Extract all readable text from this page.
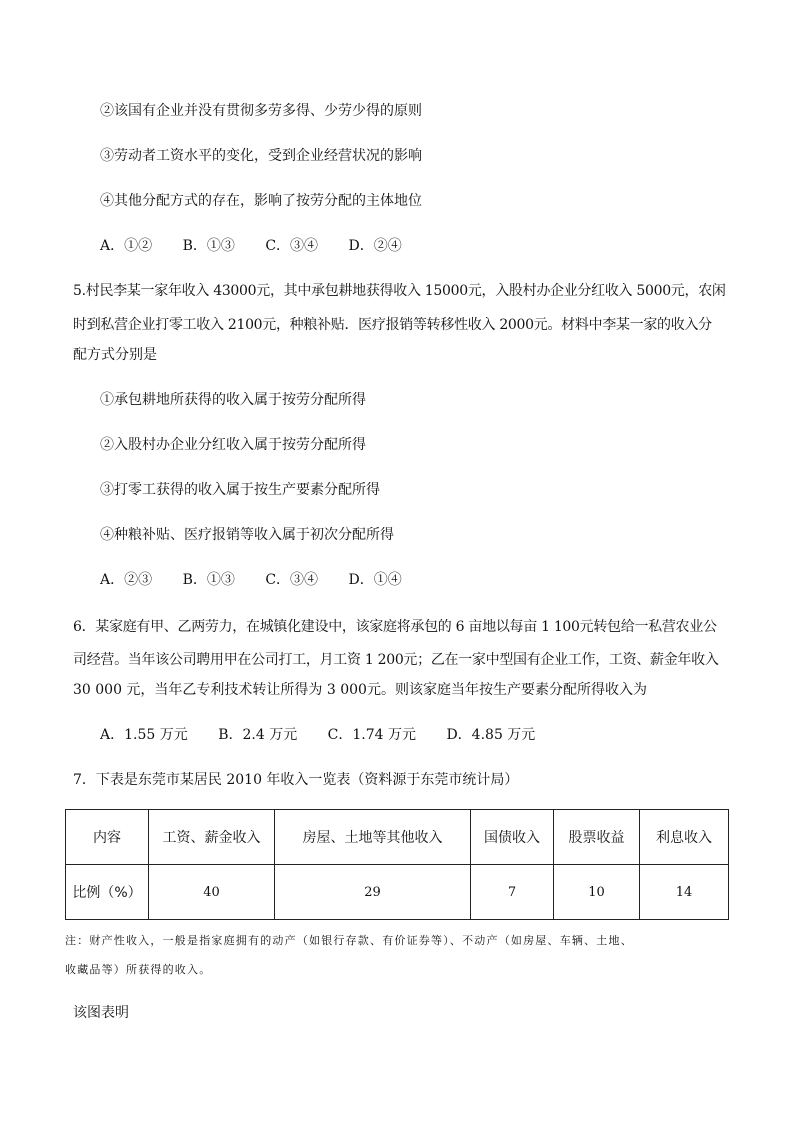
②该国有企业并没有贯彻多劳多得、少劳少得的原则
③劳动者工资水平的变化，受到企业经营状况的影响
④其他分配方式的存在，影响了按劳分配的主体地位
A．①② B．①③ C．③④ D．②④
5.村民李某一家年收入 43000元，其中承包耕地获得收入 15000元，入股村办企业分红收入 5000元，农闲
时到私营企业打零工收入 2100元，种粮补贴．医疗报销等转移性收入 2000元。材料中李某一家的收入分
配方式分别是
①承包耕地所获得的收入属于按劳分配所得
②入股村办企业分红收入属于按劳分配所得
③打零工获得的收入属于按生产要素分配所得
④种粮补贴、医疗报销等收入属于初次分配所得
A．②③ B．①③ C．③④ D．①④
6．某家庭有甲、乙两劳力，在城镇化建设中，该家庭将承包的 6 亩地以每亩 1 100元转包给一私营农业公
司经营。当年该公司聘用甲在公司打工，月工资 1 200元；乙在一家中型国有企业工作，工资、薪金年收入
30 000 元，当年乙专利技术转让所得为 3 000元。则该家庭当年按生产要素分配所得收入为
A．1.55 万元 B．2.4 万元 C．1.74 万元 D．4.85 万元
7．下表是东莞市某居民 2010 年收入一览表（资料源于东莞市统计局）
内容	工资、薪金收入	房屋、土地等其他收入	国债收入	股票收益	利息收入
比例（%）	40	29	7	10	14
注：财产性收入，一般是指家庭拥有的动产（如银行存款、有价证券等）、不动产（如房屋、车辆、土地、
收藏品等）所获得的收入。
该图表明
